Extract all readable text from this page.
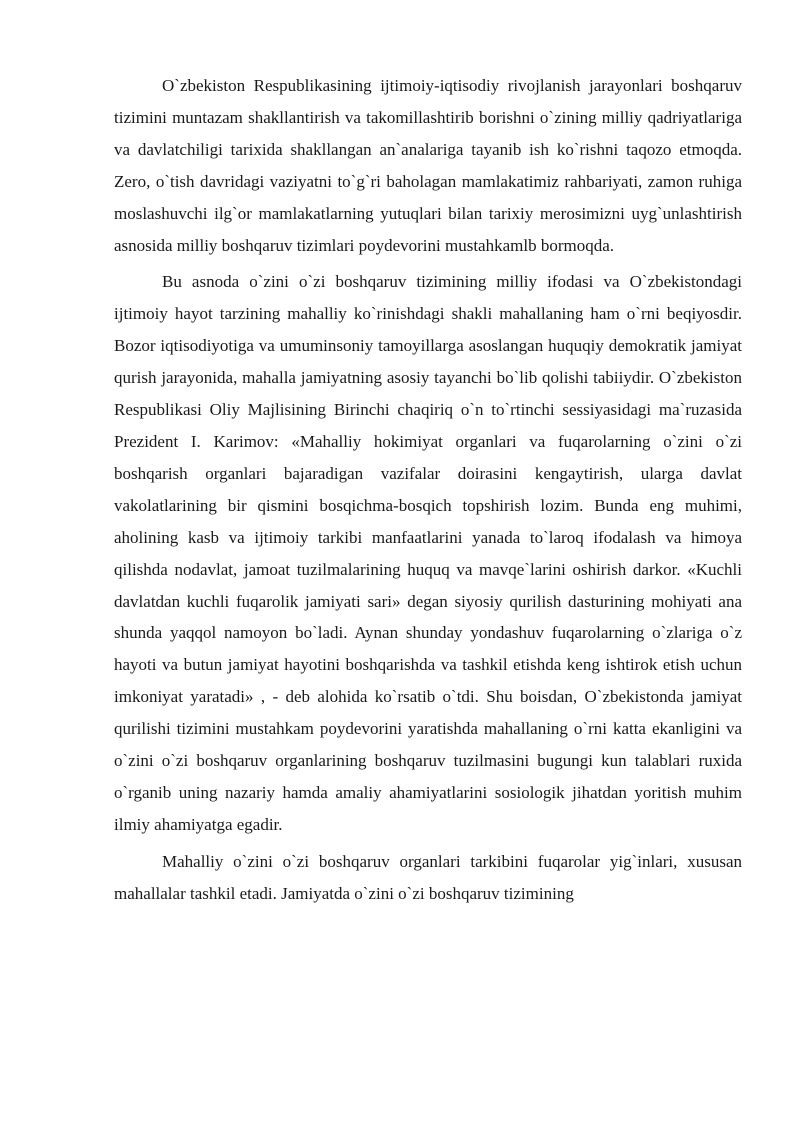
O`zbekiston Respublikasining ijtimoiy-iqtisodiy rivojlanish jarayonlari boshqaruv tizimini muntazam shakllantirish va takomillashtirib borishni o`zining milliy qadriyatlariga va davlatchiligi tarixida shakllangan an`analariga tayanib ish ko`rishni taqozo etmoqda. Zero, o`tish davridagi vaziyatni to`g`ri baholagan mamlakatimiz rahbariyati, zamon ruhiga moslashuvchi ilg`or mamlakatlarning yutuqlari bilan tarixiy merosimizni uyg`unlashtirish asnosida milliy boshqaruv tizimlari poydevorini mustahkamlb bormoqda.

Bu asnoda o`zini o`zi boshqaruv tizimining milliy ifodasi va O`zbekistondagi ijtimoiy hayot tarzining mahalliy ko`rinishdagi shakli mahallaning ham o`rni beqiyosdir. Bozor iqtisodiyotiga va umuminsoniy tamoyillarga asoslangan huquqiy demokratik jamiyat qurish jarayonida, mahalla jamiyatning asosiy tayanchi bo`lib qolishi tabiiydir. O`zbekiston Respublikasi Oliy Majlisining Birinchi chaqiriq o`n to`rtinchi sessiyasidagi ma`ruzasida Prezident I. Karimov: «Mahalliy hokimiyat organlari va fuqarolarning o`zini o`zi boshqarish organlari bajaradigan vazifalar doirasini kengaytirish, ularga davlat vakolatlarining bir qismini bosqichma-bosqich topshirish lozim. Bunda eng muhimi, aholining kasb va ijtimoiy tarkibi manfaatlarini yanada to`laroq ifodalash va himoya qilishda nodavlat, jamoat tuzilmalarining huquq va mavqe`larini oshirish darkor. «Kuchli davlatdan kuchli fuqarolik jamiyati sari» degan siyosiy qurilish dasturining mohiyati ana shunda yaqqol namoyon bo`ladi. Aynan shunday yondashuv fuqarolarning o`zlariga o`z hayoti va butun jamiyat hayotini boshqarishda va tashkil etishda keng ishtirok etish uchun imkoniyat yaratadi» , - deb alohida ko`rsatib o`tdi. Shu boisdan, O`zbekistonda jamiyat qurilishi tizimini mustahkam poydevorini yaratishda mahallaning o`rni katta ekanligini va o`zini o`zi boshqaruv organlarining boshqaruv tuzilmasini bugungi kun talablari ruxida o`rganib uning nazariy hamda amaliy ahamiyatlarini sosiologik jihatdan yoritish muhim ilmiy ahamiyatga egadir.

Mahalliy o`zini o`zi boshqaruv organlari tarkibini fuqarolar yig`inlari, xususan mahallalar tashkil etadi. Jamiyatda o`zini o`zi boshqaruv tizimining
